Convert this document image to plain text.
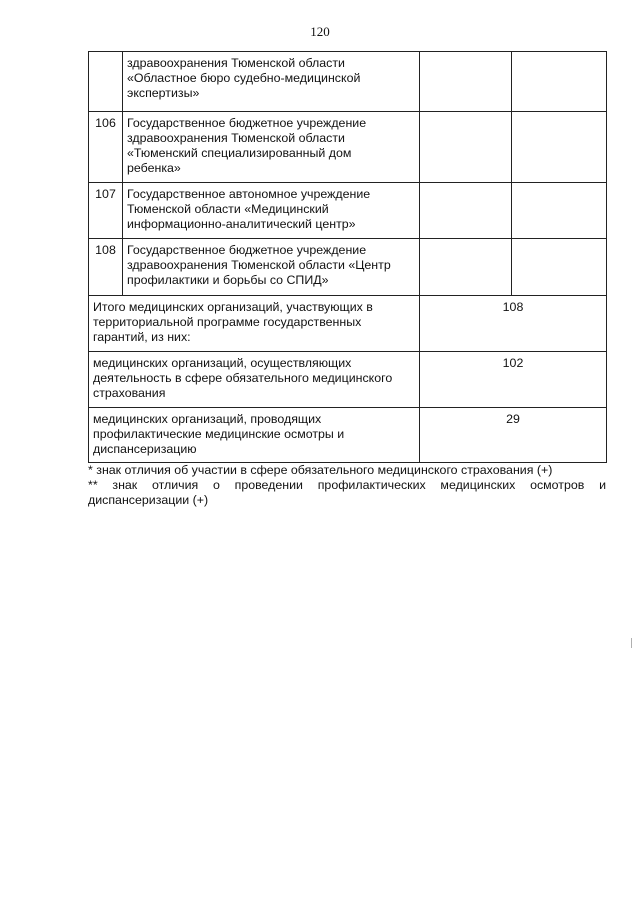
120

	здравоохранения Тюменской области
«Областное бюро судебно-медицинской
экспертизы»		

106	Государственное бюджетное учреждение
здравоохранения Тюменской области
«Тюменский специализированный дом
ребенка»		

107	Государственное автономное учреждение
Тюменской области «Медицинский
информационно-аналитический центр»		

108	Государственное бюджетное учреждение
здравоохранения Тюменской области «Центр
профилактики и борьбы со СПИД»		

Итого медицинских организаций, участвующих в
территориальной программе государственных
гарантий, из них:		108	

медицинских организаций, осуществляющих
деятельность в сфере обязательного медицинского
страхования		102	

медицинских организаций, проводящих
профилактические медицинские осмотры и
диспансеризацию		29	

* знак отличия об участии в сфере обязательного медицинского страхования (+)

** знак отличия о проведении профилактических медицинских осмотров и диспансеризации (+)
